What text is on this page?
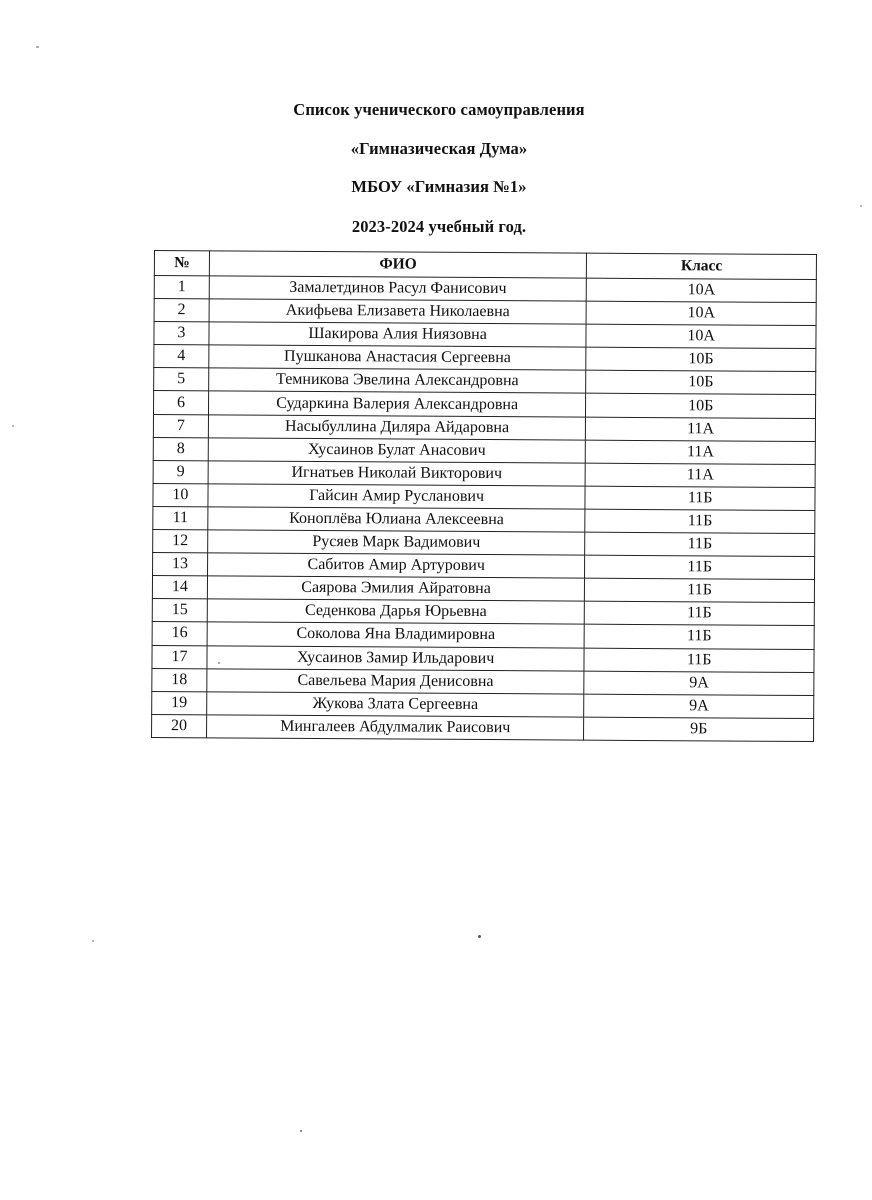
Список ученического самоуправления
«Гимназическая Дума»
МБОУ «Гимназия №1»
2023-2024 учебный год.
№	ФИО	Класс
1	Замалетдинов Расул Фанисович	10А
2	Акифьева Елизавета Николаевна	10А
3	Шакирова Алия Ниязовна	10А
4	Пушканова Анастасия Сергеевна	10Б
5	Темникова Эвелина Александровна	10Б
6	Сударкина Валерия Александровна	10Б
7	Насыбуллина Диляра Айдаровна	11А
8	Хусаинов Булат Анасович	11А
9	Игнатьев Николай Викторович	11А
10	Гайсин Амир Русланович	11Б
11	Коноплёва Юлиана Алексеевна	11Б
12	Русяев Марк Вадимович	11Б
13	Сабитов Амир Артурович	11Б
14	Саярова Эмилия Айратовна	11Б
15	Седенкова Дарья Юрьевна	11Б
16	Соколова Яна Владимировна	11Б
17	Хусаинов Замир Ильдарович	11Б
18	Савельева Мария Денисовна	9А
19	Жукова Злата Сергеевна	9А
20	Мингалеев Абдулмалик Раисович	9Б
